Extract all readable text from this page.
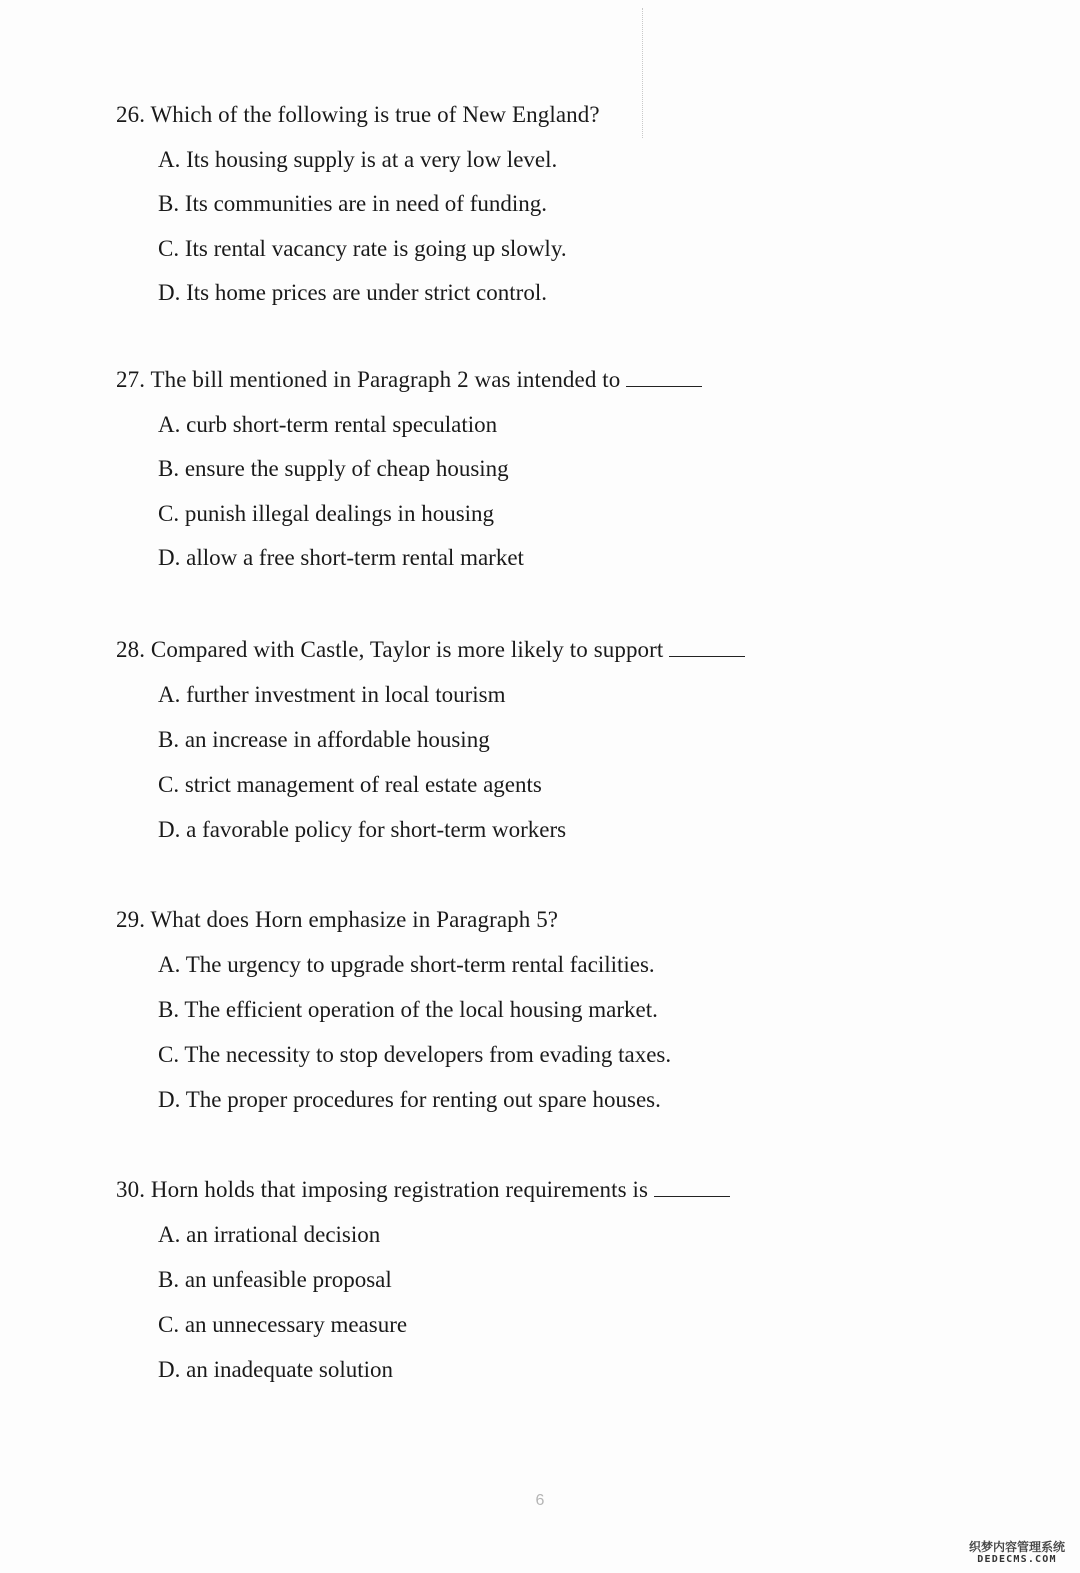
26. Which of the following is true of New England?
A. Its housing supply is at a very low level.
B. Its communities are in need of funding.
C. Its rental vacancy rate is going up slowly.
D. Its home prices are under strict control.
27. The bill mentioned in Paragraph 2 was intended to
A. curb short-term rental speculation
B. ensure the supply of cheap housing
C. punish illegal dealings in housing
D. allow a free short-term rental market
28. Compared with Castle, Taylor is more likely to support
A. further investment in local tourism
B. an increase in affordable housing
C. strict management of real estate agents
D. a favorable policy for short-term workers
29. What does Horn emphasize in Paragraph 5?
A. The urgency to upgrade short-term rental facilities.
B. The efficient operation of the local housing market.
C. The necessity to stop developers from evading taxes.
D. The proper procedures for renting out spare houses.
30. Horn holds that imposing registration requirements is
A. an irrational decision
B. an unfeasible proposal
C. an unnecessary measure
D. an inadequate solution
6
织梦内容管理系统
DEDECMS.COM
